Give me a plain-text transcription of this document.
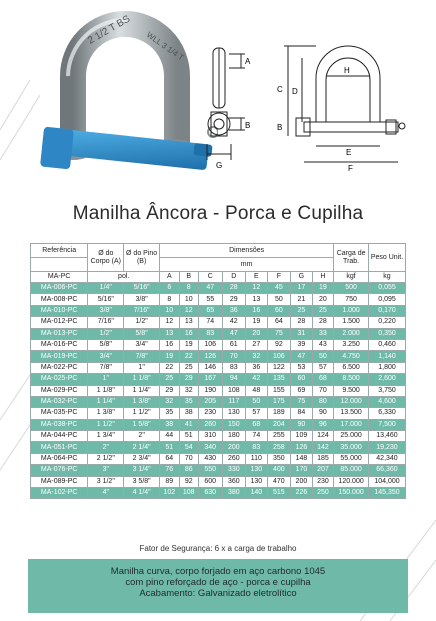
2 1/2 T BS WLL 3 1/4 T	A
B
G
H
C D
B
E
F
Manilha Âncora - Porca e Cupilha
Referência	Ø do Corpo (A)	Ø do Pino (B)	Dimensões								Carga de Trab.	Peso Unit.
			mm									
MA-PC	pol.		A	B	C	D	E	F	G	H	kgf	kg
MA-006-PC	1/4"	5/16"	6	8	47	28	12	45	17	19	500	0,055
MA-008-PC	5/16"	3/8"	8	10	55	29	13	50	21	20	750	0,095
MA-010-PC	3/8"	7/16"	10	12	65	36	16	60	25	25	1.000	0,170
MA-012-PC	7/16"	1/2"	12	13	74	42	19	64	28	28	1.500	0,220
MA-013-PC	1/2"	5/8"	13	16	83	47	20	75	31	33	2.000	0,350
MA-016-PC	5/8"	3/4"	16	19	106	61	27	92	39	43	3.250	0,460
MA-019-PC	3/4"	7/8"	19	22	126	70	32	106	47	50	4.750	1,140
MA-022-PC	7/8"	1"	22	25	146	83	36	122	53	57	6.500	1,800
MA-025-PC	1"	1 1/8"	25	29	167	94	42	135	60	68	8.500	2,600
MA-029-PC	1 1/8"	1 1/4"	29	32	190	108	48	155	69	70	9.500	3,750
MA-032-PC	1 1/4"	1 3/8"	32	35	205	117	50	175	75	80	12.000	4,600
MA-035-PC	1 3/8"	1 1/2"	35	38	230	130	57	189	84	90	13.500	6,330
MA-038-PC	1 1/2"	1 5/8"	38	41	260	150	68	204	90	96	17.000	7,500
MA-044-PC	1 3/4"	2"	44	51	310	180	74	255	109	124	25.000	13,460
MA-051-PC	2"	2 1/4"	51	54	340	200	83	258	126	142	35.000	19,230
MA-064-PC	2 1/2"	2 3/4"	64	70	430	260	110	350	148	185	55.000	42,340
MA-076-PC	3"	3 1/4"	76	86	550	330	130	400	170	207	85.000	66,360
MA-089-PC	3 1/2"	3 5/8"	89	92	600	360	130	470	200	230	120.000	104,000
MA-102-PC	4"	4 1/4"	102	108	630	380	140	515	226	250	150.000	145,350
Fator de Segurança: 6 x a carga de trabalho
Manilha curva, corpo forjado em aço carbono 1045
com pino reforçado de aço - porca e cupilha
Acabamento: Galvanizado eletrolítico
